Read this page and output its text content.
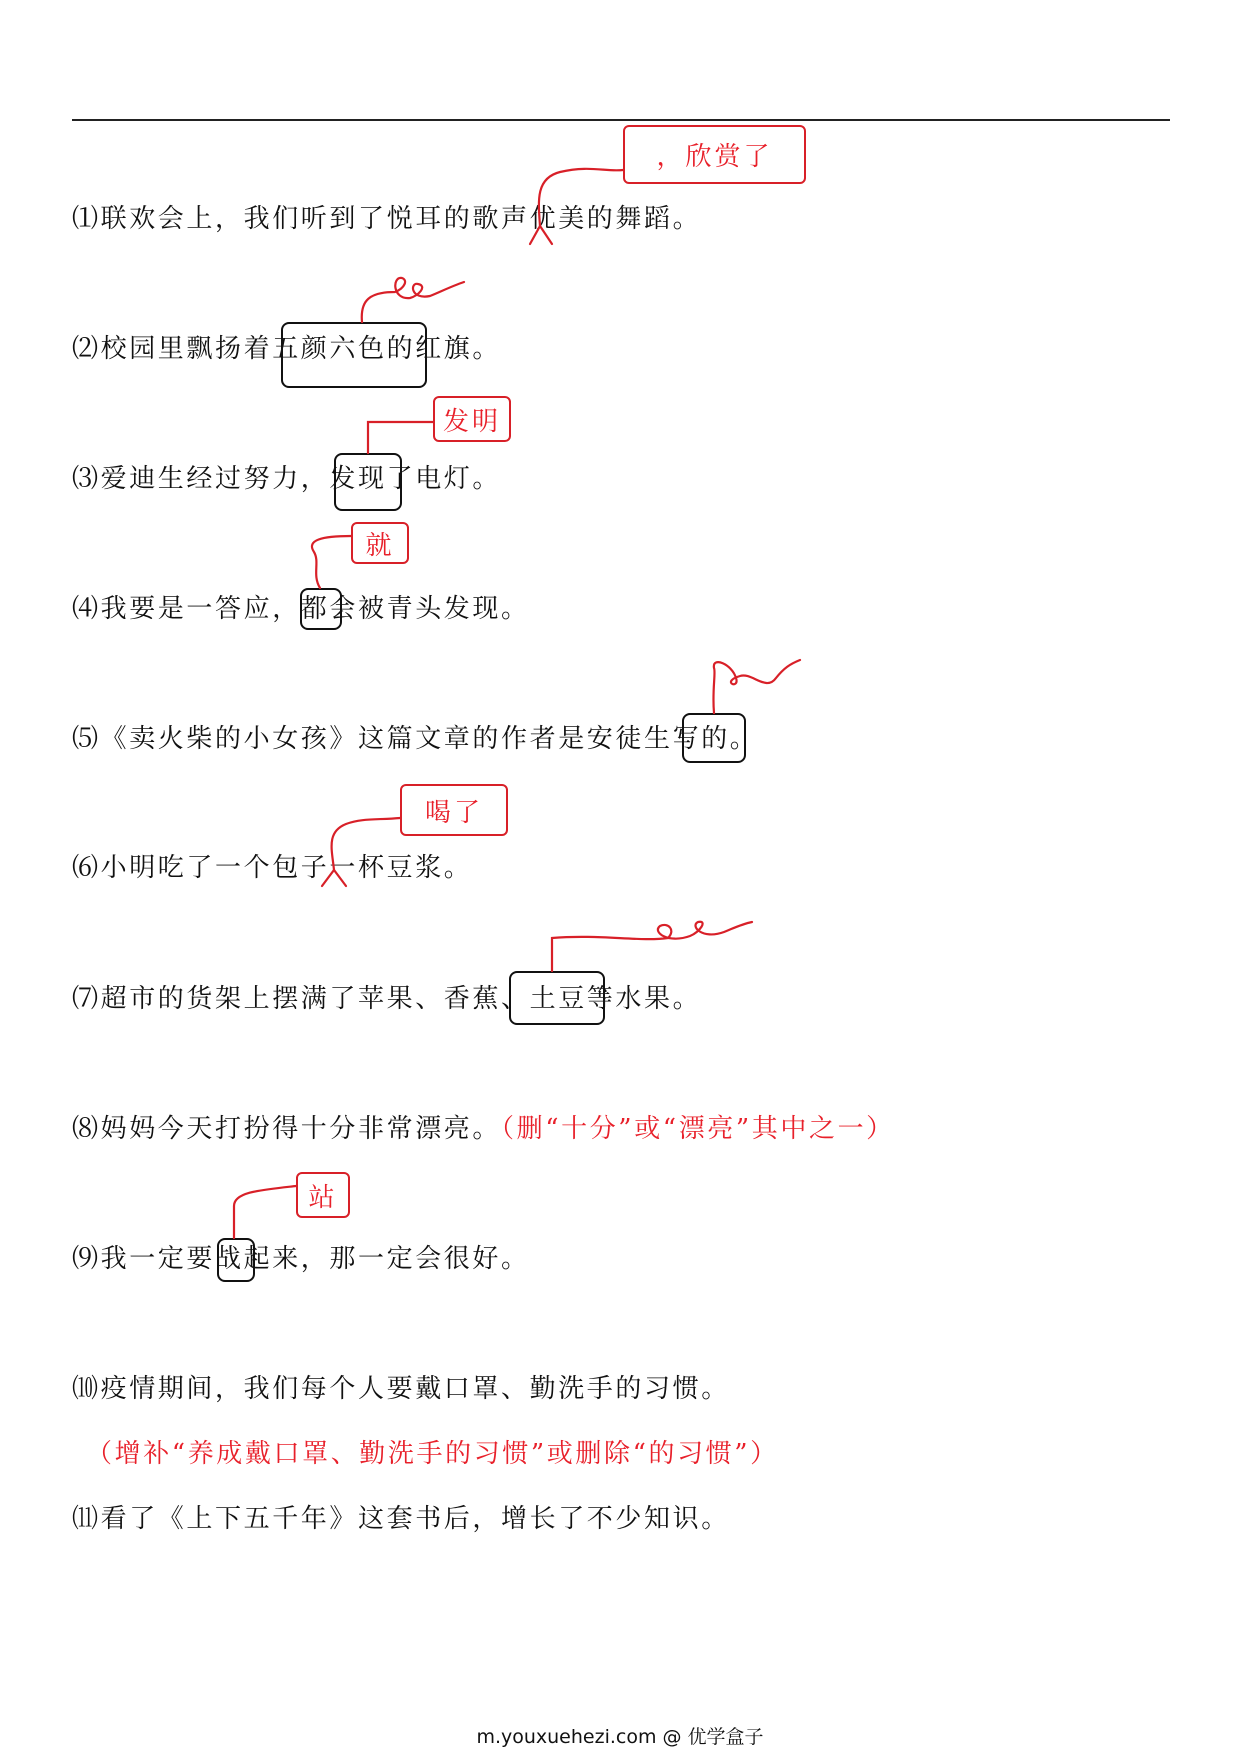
⑴联欢会上，我们听到了悦耳的歌声优美的舞蹈。
，欣赏了
⑵校园里飘扬着五颜六色的红旗。
⑶爱迪生经过努力，发现了电灯。
发明
⑷我要是一答应，都会被青头发现。
就
⑸《卖火柴的小女孩》这篇文章的作者是安徒生写的。
⑹小明吃了一个包子一杯豆浆。
喝了
⑺超市的货架上摆满了苹果、香蕉、土豆等水果。
⑻妈妈今天打扮得十分非常漂亮。（删“十分”或“漂亮”其中之一）
⑼我一定要战起来，那一定会很好。
站
⑽疫情期间，我们每个人要戴口罩、勤洗手的习惯。
（增补“养成戴口罩、勤洗手的习惯”或删除“的习惯”）
⑾看了《上下五千年》这套书后，增长了不少知识。
m.youxuehezi.com @ 优学盒子
